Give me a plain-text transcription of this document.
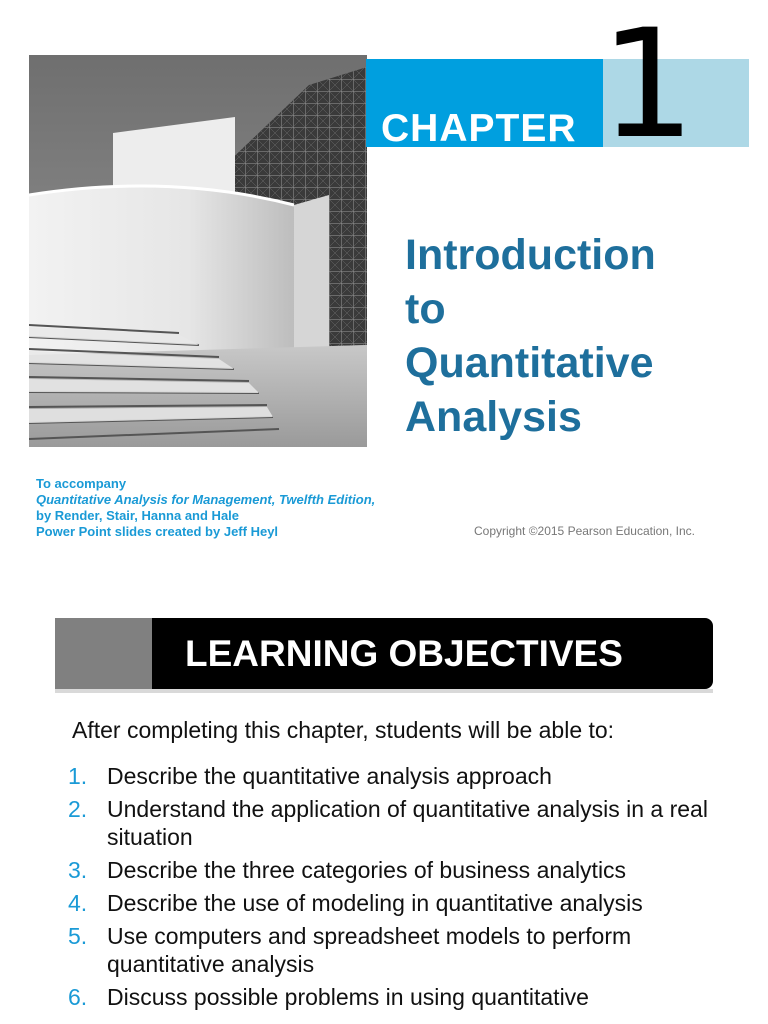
CHAPTER 1
Introduction
to
Quantitative
Analysis
To accompany
Quantitative Analysis for Management, Twelfth Edition,
by Render, Stair, Hanna and Hale
Power Point slides created by Jeff Heyl	Copyright ©2015 Pearson Education, Inc.
LEARNING OBJECTIVES

After completing this chapter, students will be able to:

1. Describe the quantitative analysis approach
2. Understand the application of quantitative analysis in a real situation
3. Describe the three categories of business analytics
4. Describe the use of modeling in quantitative analysis
5. Use computers and spreadsheet models to perform quantitative analysis
6. Discuss possible problems in using quantitative
